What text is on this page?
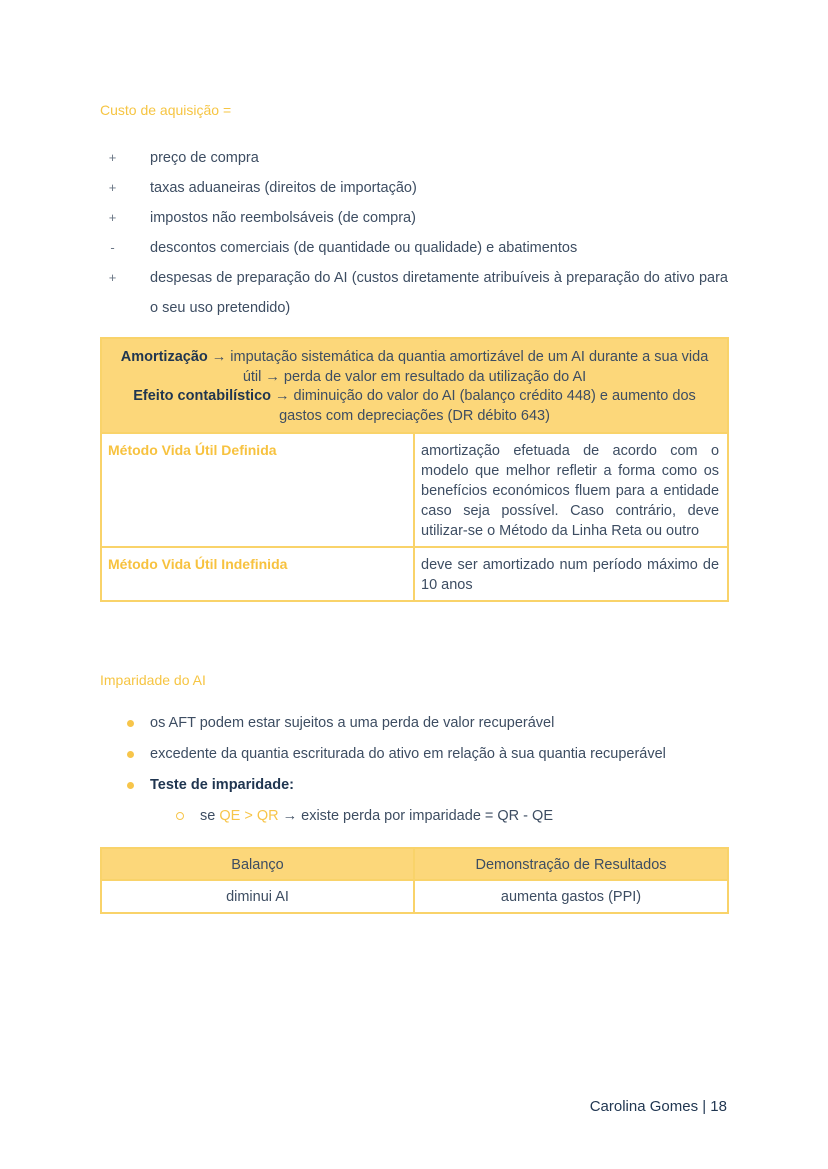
Custo de aquisição =
+	preço de compra
+	taxas aduaneiras (direitos de importação)
+	impostos não reembolsáveis (de compra)
-	descontos comerciais (de quantidade ou qualidade) e abatimentos
+	despesas de preparação do AI (custos diretamente atribuíveis à preparação do ativo para o seu uso pretendido)
Amortização → imputação sistemática da quantia amortizável de um AI durante a sua vida útil → perda de valor em resultado da utilização do AI
Efeito contabilístico → diminuição do valor do AI (balanço crédito 448) e aumento dos gastos com depreciações (DR débito 643)	
Método Vida Útil Definida	amortização efetuada de acordo com o modelo que melhor refletir a forma como os benefícios económicos fluem para a entidade caso seja possível. Caso contrário, deve utilizar-se o Método da Linha Reta ou outro
Método Vida Útil Indefinida	deve ser amortizado num período máximo de 10 anos
Imparidade do AI
os AFT podem estar sujeitos a uma perda de valor recuperável
excedente da quantia escriturada do ativo em relação à sua quantia recuperável
Teste de imparidade:
se QE > QR → existe perda por imparidade = QR - QE
Balanço	Demonstração de Resultados
diminui AI	aumenta gastos (PPI)
Carolina Gomes | 18
